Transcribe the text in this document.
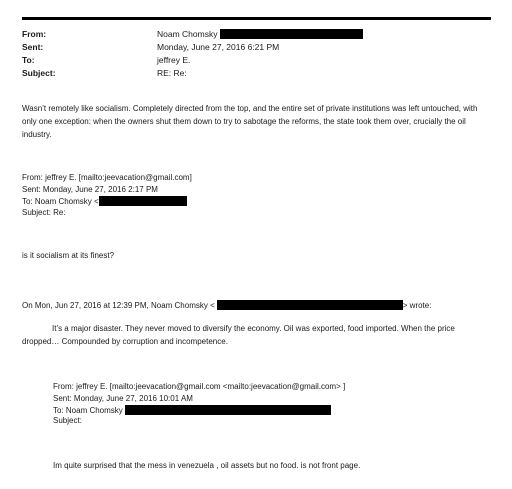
From:	Noam Chomsky
Sent:	Monday, June 27, 2016 6:21 PM
To:	jeffrey E.
Subject:	RE: Re:
Wasn’t remotely like socialism. Completely directed from the top, and the entire set of private institutions was left untouched, with only one exception: when the owners shut them down to try to sabotage the reforms, the state took them over, crucially the oil industry.
From: jeffrey E. [mailto:jeevacation@gmail.com]
Sent: Monday, June 27, 2016 2:17 PM
To: Noam Chomsky <
Subject: Re:
is it socialism at its finest?
On Mon, Jun 27, 2016 at 12:39 PM, Noam Chomsky <	> wrote:
It’s a major disaster. They never moved to diversify the economy. Oil was exported, food imported. When the price dropped… Compounded by corruption and incompetence.
From: jeffrey E. [mailto:jeevacation@gmail.com <mailto:jeevacation@gmail.com> ]
Sent: Monday, June 27, 2016 10:01 AM
To: Noam Chomsky
Subject:
Im quite surprised that the mess in venezuela , oil assets but no food. is not front page.
